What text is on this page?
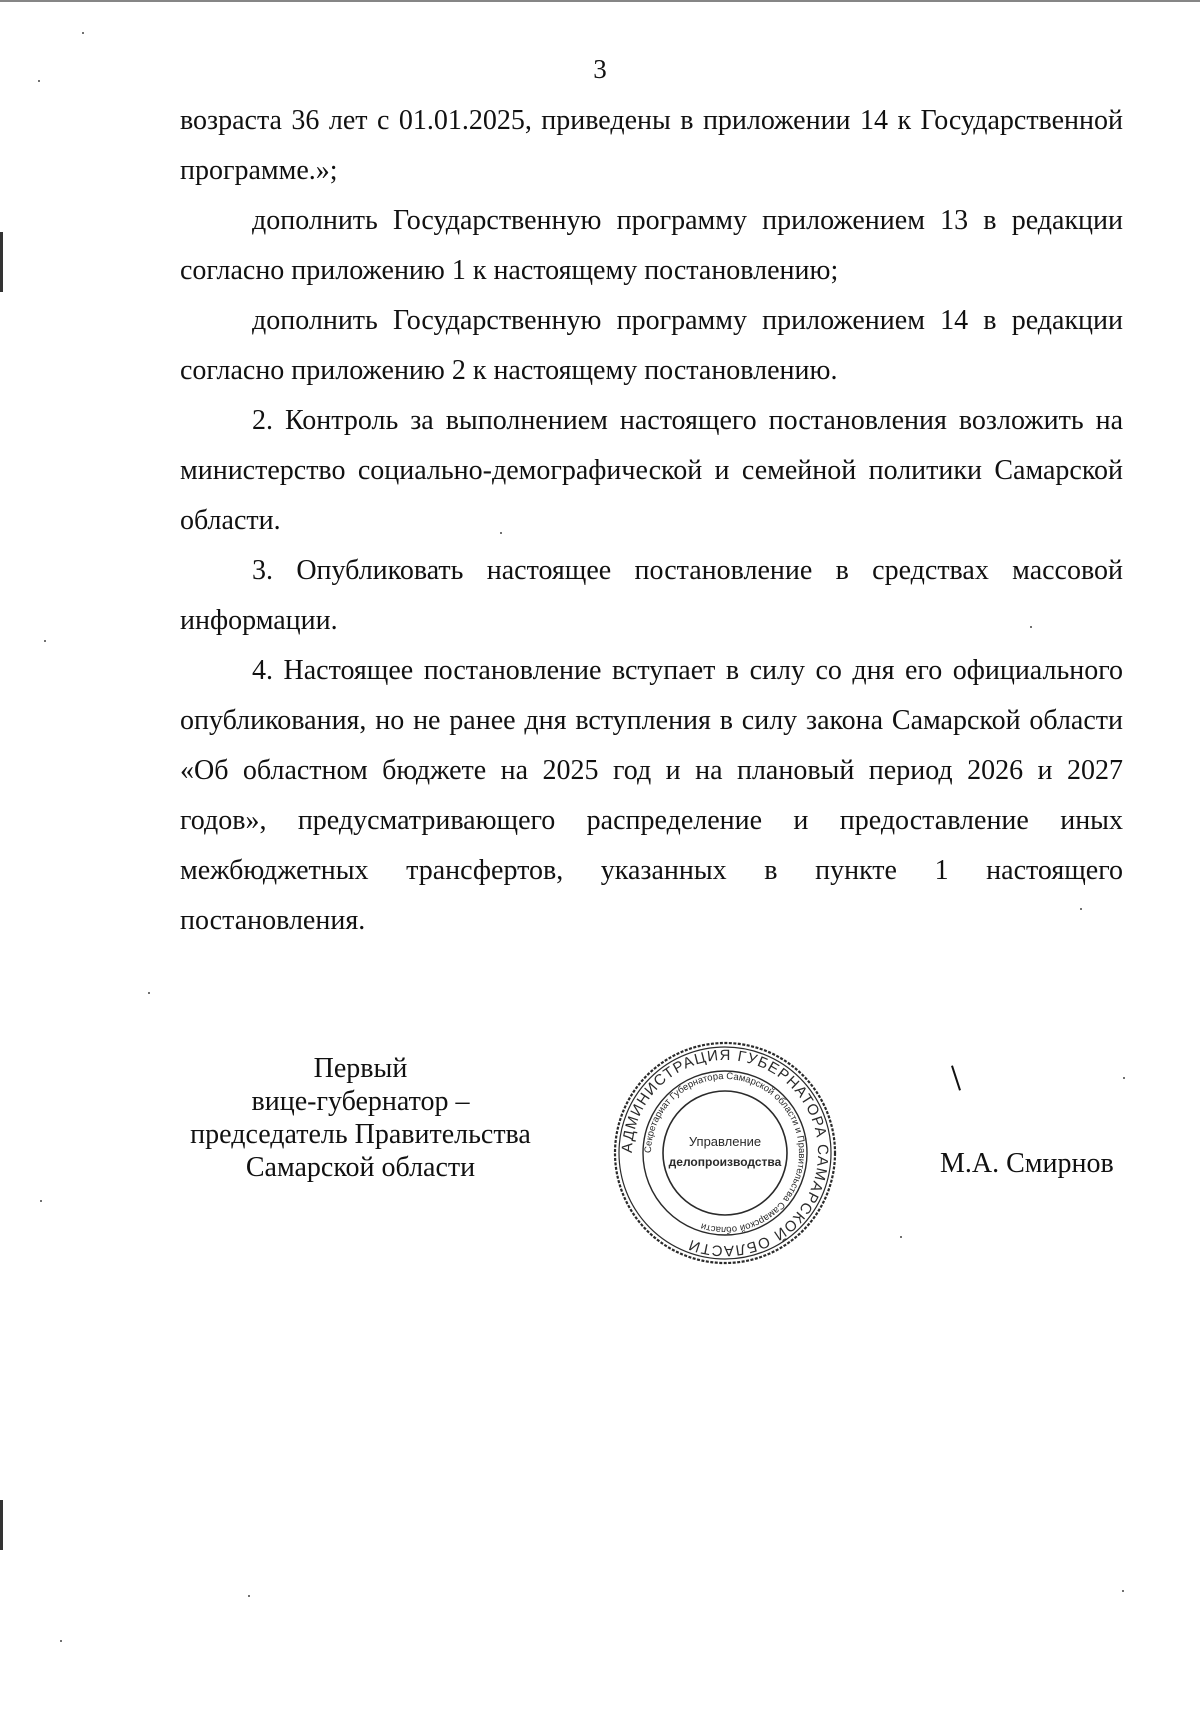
3

возраста 36 лет с 01.01.2025, приведены в приложении 14 к Государственной программе.»;

дополнить Государственную программу приложением 13 в редакции согласно приложению 1 к настоящему постановлению;

дополнить Государственную программу приложением 14 в редакции согласно приложению 2 к настоящему постановлению.

2. Контроль за выполнением настоящего постановления возложить на министерство социально-демографической и семейной политики Самарской области.

3. Опубликовать настоящее постановление в средствах массовой информации.

4. Настоящее постановление вступает в силу со дня его официального опубликования, но не ранее дня вступления в силу закона Самарской области «Об областном бюджете на 2025 год и на плановый период 2026 и 2027 годов», предусматривающего распределение и предоставление иных межбюджетных трансфертов, указанных в пункте 1 настоящего постановления.

Первый
вице-губернатор –
председатель Правительства
Самарской области
АДМИНИСТРАЦИЯ ГУБЕРНАТОРА САМАРСКОЙ ОБЛАСТИ
Секретариат Губернатора Самарской области и Правительства Самарской области
Управление
делопроизводства	М.А. Смирнов
